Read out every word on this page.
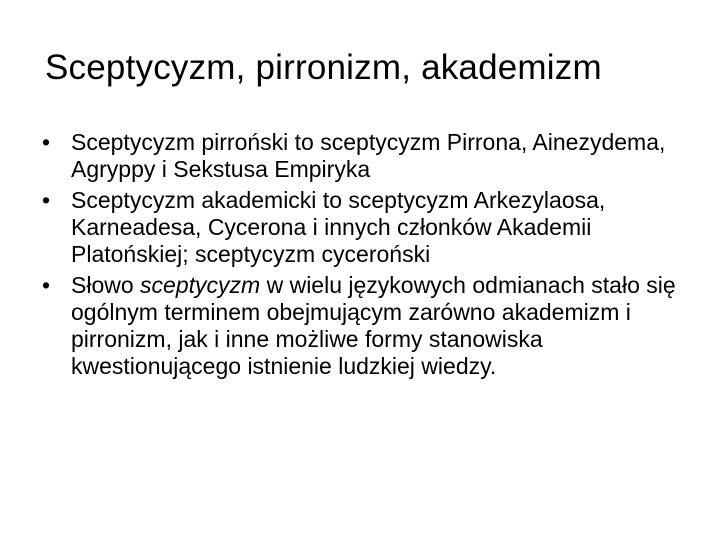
Sceptycyzm, pirronizm, akademizm
• Sceptycyzm pirroński to sceptycyzm Pirrona, Ainezydema, Agryppy i Sekstusa Empiryka
• Sceptycyzm akademicki to sceptycyzm Arkezylaosa, Karneadesa, Cycerona i innych członków Akademii Platońskiej; sceptycyzm cyceroński
• Słowo sceptycyzm w wielu językowych odmianach stało się ogólnym terminem obejmującym zarówno akademizm i pirronizm, jak i inne możliwe formy stanowiska kwestionującego istnienie ludzkiej wiedzy.
